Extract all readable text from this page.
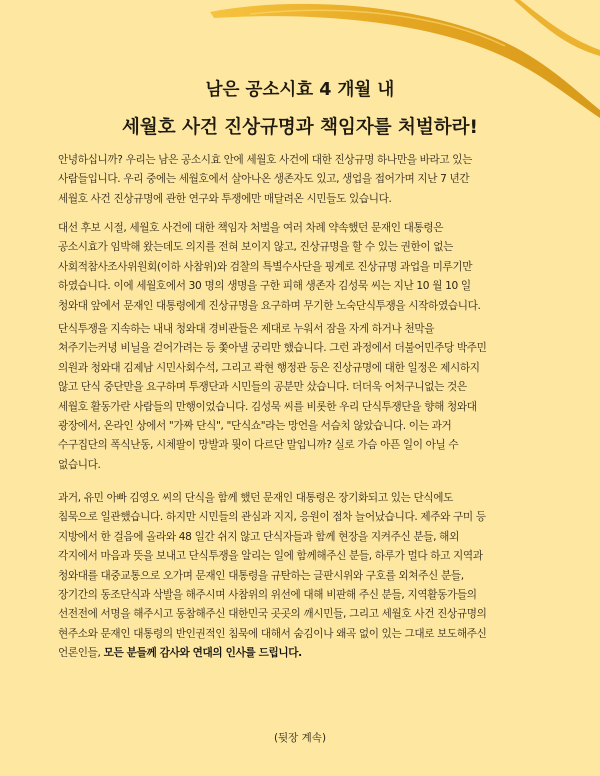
남은 공소시효 4 개월 내
세월호 사건 진상규명과 책임자를 처벌하라!
안녕하십니까? 우리는 남은 공소시효 안에 세월호 사건에 대한 진상규명 하나만을 바라고 있는
사람들입니다. 우리 중에는 세월호에서 살아나온 생존자도 있고, 생업을 접어가며 지난 7 년간
세월호 사건 진상규명에 관한 연구와 투쟁에만 매달려온 시민들도 있습니다.
대선 후보 시절, 세월호 사건에 대한 책임자 처벌을 여러 차례 약속했던 문재인 대통령은
공소시효가 임박해 왔는데도 의지를 전혀 보이지 않고, 진상규명을 할 수 있는 권한이 없는
사회적참사조사위원회(이하 사참위)와 검찰의 특별수사단을 핑계로 진상규명 과업을 미루기만
하였습니다. 이에 세월호에서 30 명의 생명을 구한 피해 생존자 김성묵 씨는 지난 10 월 10 일
청와대 앞에서 문재인 대통령에게 진상규명을 요구하며 무기한 노숙단식투쟁을 시작하였습니다.
단식투쟁을 지속하는 내내 청와대 경비관들은 제대로 누워서 잠을 자게 하거나 천막을
쳐주기는커녕 비닐을 걷어가려는 등 쫓아낼 궁리만 했습니다. 그런 과정에서 더불어민주당 박주민
의원과 청와대 김제남 시민사회수석, 그리고 곽현 행정관 등은 진상규명에 대한 일정은 제시하지
않고 단식 중단만을 요구하며 투쟁단과 시민들의 공분만 샀습니다. 더더욱 어처구니없는 것은
세월호 활동가란 사람들의 만행이었습니다. 김성묵 씨를 비롯한 우리 단식투쟁단을 향해 청와대
광장에서, 온라인 상에서 "가짜 단식", "단식쇼"라는 망언을 서슴치 않았습니다. 이는 과거
수구집단의 폭식난동, 시체팔이 망발과 뭣이 다르단 말입니까? 실로 가슴 아픈 일이 아닐 수
없습니다.
과거, 유민 아빠 김영오 씨의 단식을 함께 했던 문재인 대통령은 장기화되고 있는 단식에도
침묵으로 일관했습니다. 하지만 시민들의 관심과 지지, 응원이 점차 늘어났습니다. 제주와 구미 등
지방에서 한 걸음에 올라와 48 일간 쉬지 않고 단식자들과 함께 현장을 지켜주신 분들, 해외
각지에서 마음과 뜻을 보내고 단식투쟁을 알리는 일에 함께해주신 분들, 하루가 멀다 하고 지역과
청와대를 대중교통으로 오가며 문재인 대통령을 규탄하는 글판시위와 구호를 외쳐주신 분들,
장기간의 동조단식과 삭발을 해주시며 사참위의 위선에 대해 비판해 주신 분들, 지역활동가들의
선전전에 서명을 해주시고 동참해주신 대한민국 곳곳의 깨시민들, 그리고 세월호 사건 진상규명의
현주소와 문재인 대통령의 반인권적인 침묵에 대해서 숨김이나 왜곡 없이 있는 그대로 보도해주신
언론인들, 모든 분들께 감사와 연대의 인사를 드립니다.
(뒷장 계속)
